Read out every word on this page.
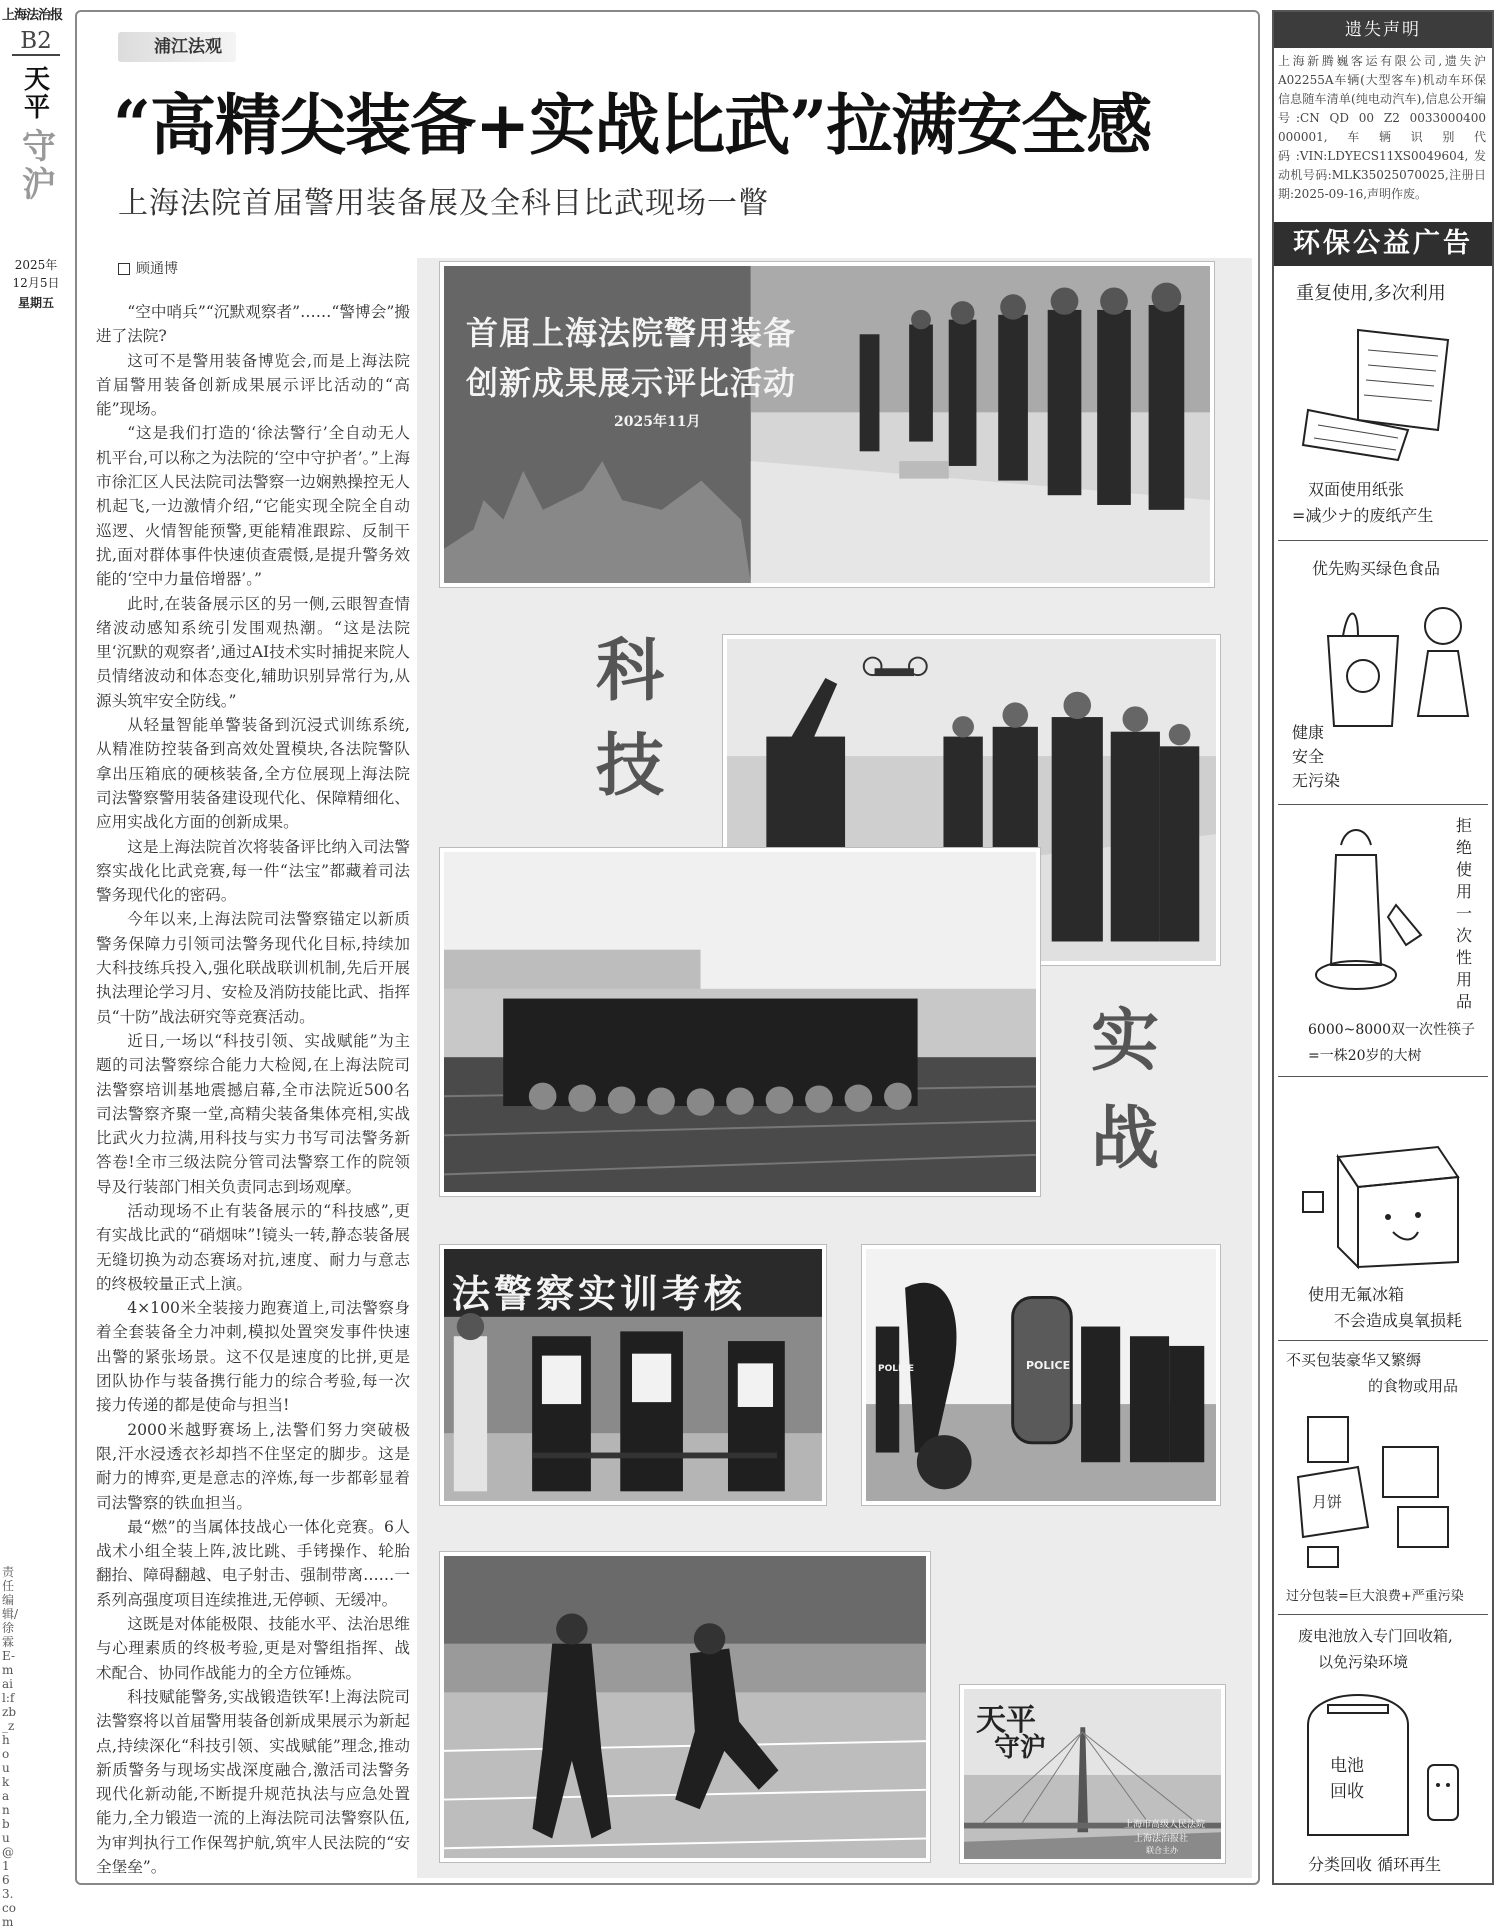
上海法治报
B2
天平
守沪
2025年
12月5日
星期五
责任编辑/徐霖 E-mail:fzb_zhoukanbu@163.com
浦江法观
“高精尖装备+实战比武”拉满安全感
上海法院首届警用装备展及全科目比武现场一瞥
顾通博

“空中哨兵”“沉默观察者”……“警博会”搬进了法院?

这可不是警用装备博览会,而是上海法院首届警用装备创新成果展示评比活动的“高能”现场。

“这是我们打造的‘徐法警行’全自动无人机平台,可以称之为法院的‘空中守护者’。”上海市徐汇区人民法院司法警察一边娴熟操控无人机起飞,一边激情介绍,“它能实现全院全自动巡逻、火情智能预警,更能精准跟踪、反制干扰,面对群体事件快速侦查震慑,是提升警务效能的‘空中力量倍增器’。”

此时,在装备展示区的另一侧,云眼智查情绪波动感知系统引发围观热潮。“这是法院里‘沉默的观察者’,通过AI技术实时捕捉来院人员情绪波动和体态变化,辅助识别异常行为,从源头筑牢安全防线。”

从轻量智能单警装备到沉浸式训练系统,从精准防控装备到高效处置模块,各法院警队拿出压箱底的硬核装备,全方位展现上海法院司法警察警用装备建设现代化、保障精细化、应用实战化方面的创新成果。

这是上海法院首次将装备评比纳入司法警察实战化比武竞赛,每一件“法宝”都藏着司法警务现代化的密码。

今年以来,上海法院司法警察锚定以新质警务保障力引领司法警务现代化目标,持续加大科技练兵投入,强化联战联训机制,先后开展执法理论学习月、安检及消防技能比武、指挥员“十防”战法研究等竞赛活动。

近日,一场以“科技引领、实战赋能”为主题的司法警察综合能力大检阅,在上海法院司法警察培训基地震撼启幕,全市法院近500名司法警察齐聚一堂,高精尖装备集体亮相,实战比武火力拉满,用科技与实力书写司法警务新答卷!全市三级法院分管司法警察工作的院领导及行装部门相关负责同志到场观摩。

活动现场不止有装备展示的“科技感”,更有实战比武的“硝烟味”!镜头一转,静态装备展无缝切换为动态赛场对抗,速度、耐力与意志的终极较量正式上演。

4×100米全装接力跑赛道上,司法警察身着全套装备全力冲刺,模拟处置突发事件快速出警的紧张场景。这不仅是速度的比拼,更是团队协作与装备携行能力的综合考验,每一次接力传递的都是使命与担当!

2000米越野赛场上,法警们努力突破极限,汗水浸透衣衫却挡不住坚定的脚步。这是耐力的博弈,更是意志的淬炼,每一步都彰显着司法警察的铁血担当。

最“燃”的当属体技战心一体化竞赛。6人战术小组全装上阵,波比跳、手铐操作、轮胎翻抬、障碍翻越、电子射击、强制带离……一系列高强度项目连续推进,无停顿、无缓冲。

这既是对体能极限、技能水平、法治思维与心理素质的终极考验,更是对警组指挥、战术配合、协同作战能力的全方位锤炼。

科技赋能警务,实战锻造铁军!上海法院司法警察将以首届警用装备创新成果展示为新起点,持续深化“科技引领、实战赋能”理念,推动新质警务与现场实战深度融合,激活司法警务现代化新动能,不断提升规范执法与应急处置能力,全力锻造一流的上海法院司法警察队伍,为审判执行工作保驾护航,筑牢人民法院的“安全堡垒”。

首届上海法院警用装备
创新成果展示评比活动
2025年11月
科
技
实
战
法警察实训考核
POLICE
POLICE
天平
守沪
上海市高级人民法院
上海法治报社
联合主办
遗失声明
上海新腾巍客运有限公司,遗失沪A02255A车辆(大型客车)机动车环保信息随车清单(纯电动汽车),信息公开编号:CN QD 00 Z2 0033000400 000001,车辆识别代码:VIN:LDYECS11XS0049604,发动机号码:MLK35025070025,注册日期:2025-09-16,声明作废。
环保公益广告
重复使用,多次利用
双面使用纸张
=减少ナ的废纸产生
优先购买绿色食品
健康
安全
无污染
拒绝使用一次性用品
6000~8000双一次性筷子
=一株20岁的大树
使用无氟冰箱
不会造成臭氧损耗
不买包装豪华又繁缛
的食物或用品
月饼
过分包装=巨大浪费+严重污染
废电池放入专门回收箱,
以免污染环境
电池
回收
分类回收 循环再生
